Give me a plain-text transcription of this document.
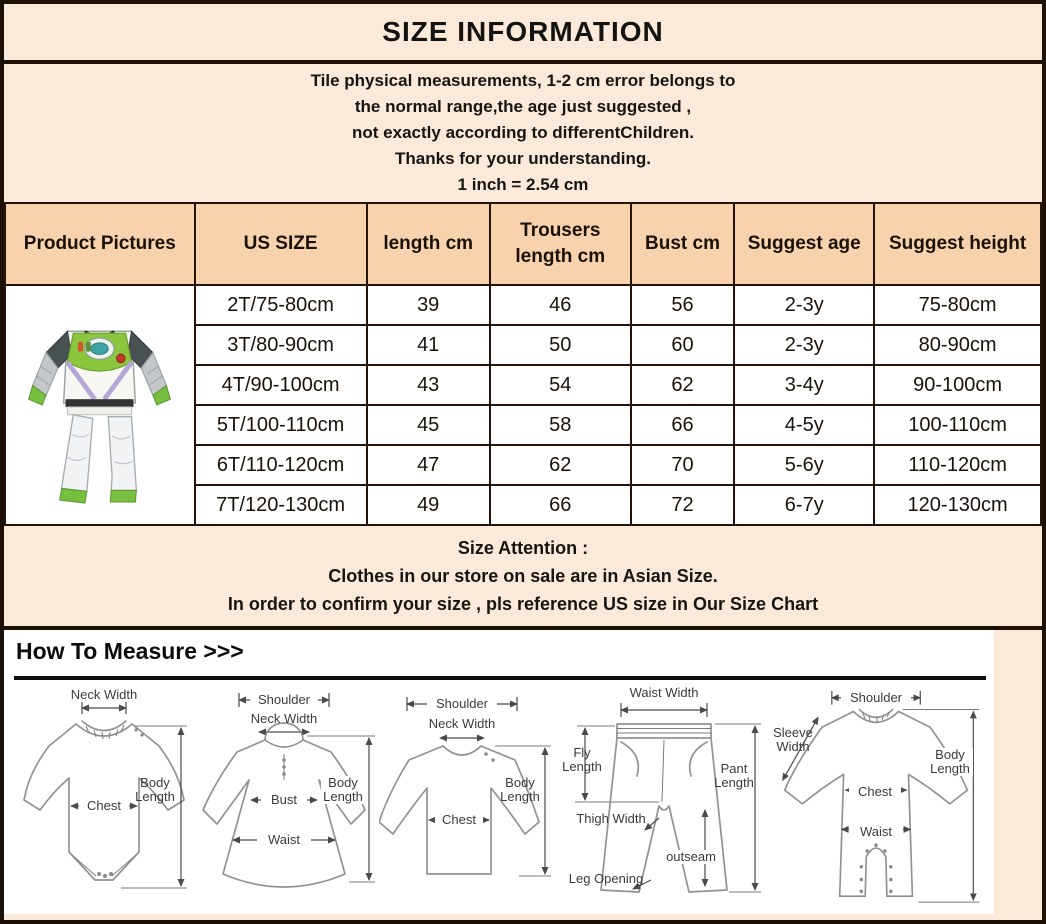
SIZE INFORMATION
Tile physical measurements, 1-2 cm error belongs to
the normal range,the age just suggested ,
not exactly according to differentChildren.
Thanks for your understanding.
1 inch = 2.54 cm
Product Pictures	US SIZE	length cm	Trousers length cm	Bust cm	Suggest age	Suggest height

	2T/75-80cm	39	46	56	2-3y	75-80cm
	3T/80-90cm	41	50	60	2-3y	80-90cm
	4T/90-100cm	43	54	62	3-4y	90-100cm
	5T/100-110cm	45	58	66	4-5y	100-110cm
	6T/110-120cm	47	62	70	5-6y	110-120cm
	7T/120-130cm	49	66	72	6-7y	120-130cm
Size Attention :
Clothes in our store on sale are in Asian Size.
In order to confirm your size , pls reference US size in Our Size Chart
How To Measure >>>
Neck Width
Chest
Body Length
Shoulder
Neck Width
Bust
Waist
Body Length
Shoulder
Neck Width
Chest
Body Length
Waist Width
Fly Length
Thigh Width
Leg Opening
outseam
Pant Length
Shoulder
Sleeve Width
Chest
Waist
Body Length
